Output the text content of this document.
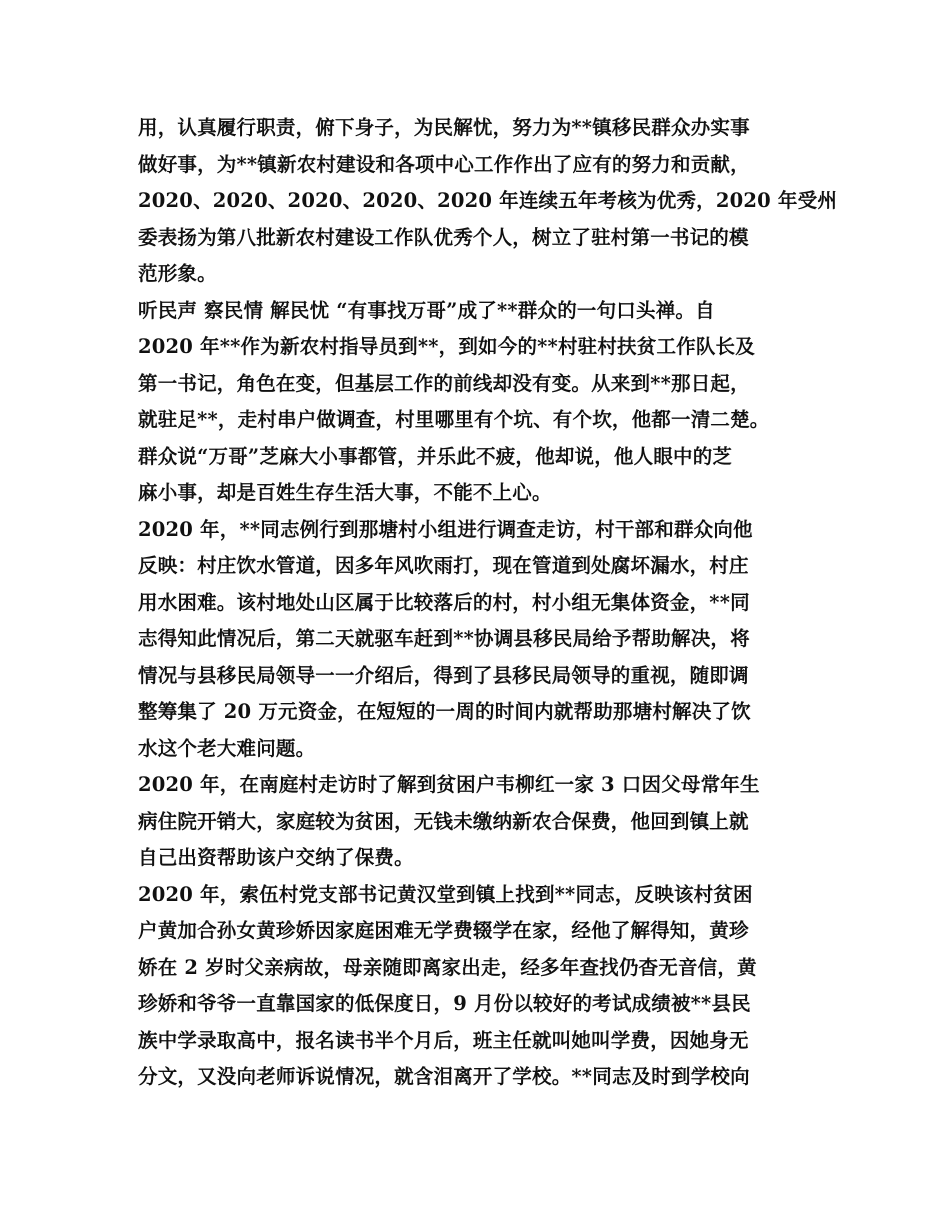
用，认真履行职责，俯下身子，为民解忧，努力为**镇移民群众办实事
做好事，为**镇新农村建设和各项中心工作作出了应有的努力和贡献，
2020、2020、2020、2020、2020 年连续五年考核为优秀，2020 年受州
委表扬为第八批新农村建设工作队优秀个人，树立了驻村第一书记的模
范形象。
听民声 察民情 解民忧 “有事找万哥”成了**群众的一句口头禅。自
2020 年**作为新农村指导员到**，到如今的**村驻村扶贫工作队长及
第一书记，角色在变，但基层工作的前线却没有变。从来到**那日起，
就驻足**，走村串户做调查，村里哪里有个坑、有个坎，他都一清二楚。
群众说“万哥”芝麻大小事都管，并乐此不疲，他却说，他人眼中的芝
麻小事，却是百姓生存生活大事，不能不上心。
2020 年，**同志例行到那塘村小组进行调查走访，村干部和群众向他
反映：村庄饮水管道，因多年风吹雨打，现在管道到处腐坏漏水，村庄
用水困难。该村地处山区属于比较落后的村，村小组无集体资金，**同
志得知此情况后，第二天就驱车赶到**协调县移民局给予帮助解决，将
情况与县移民局领导一一介绍后，得到了县移民局领导的重视，随即调
整筹集了 20 万元资金，在短短的一周的时间内就帮助那塘村解决了饮
水这个老大难问题。
2020 年，在南庭村走访时了解到贫困户韦柳红一家 3 口因父母常年生
病住院开销大，家庭较为贫困，无钱未缴纳新农合保费，他回到镇上就
自己出资帮助该户交纳了保费。
2020 年，索伍村党支部书记黄汉堂到镇上找到**同志，反映该村贫困
户黄加合孙女黄珍娇因家庭困难无学费辍学在家，经他了解得知，黄珍
娇在 2 岁时父亲病故，母亲随即离家出走，经多年查找仍杳无音信，黄
珍娇和爷爷一直靠国家的低保度日，9 月份以较好的考试成绩被**县民
族中学录取高中，报名读书半个月后，班主任就叫她叫学费，因她身无
分文，又没向老师诉说情况，就含泪离开了学校。**同志及时到学校向
